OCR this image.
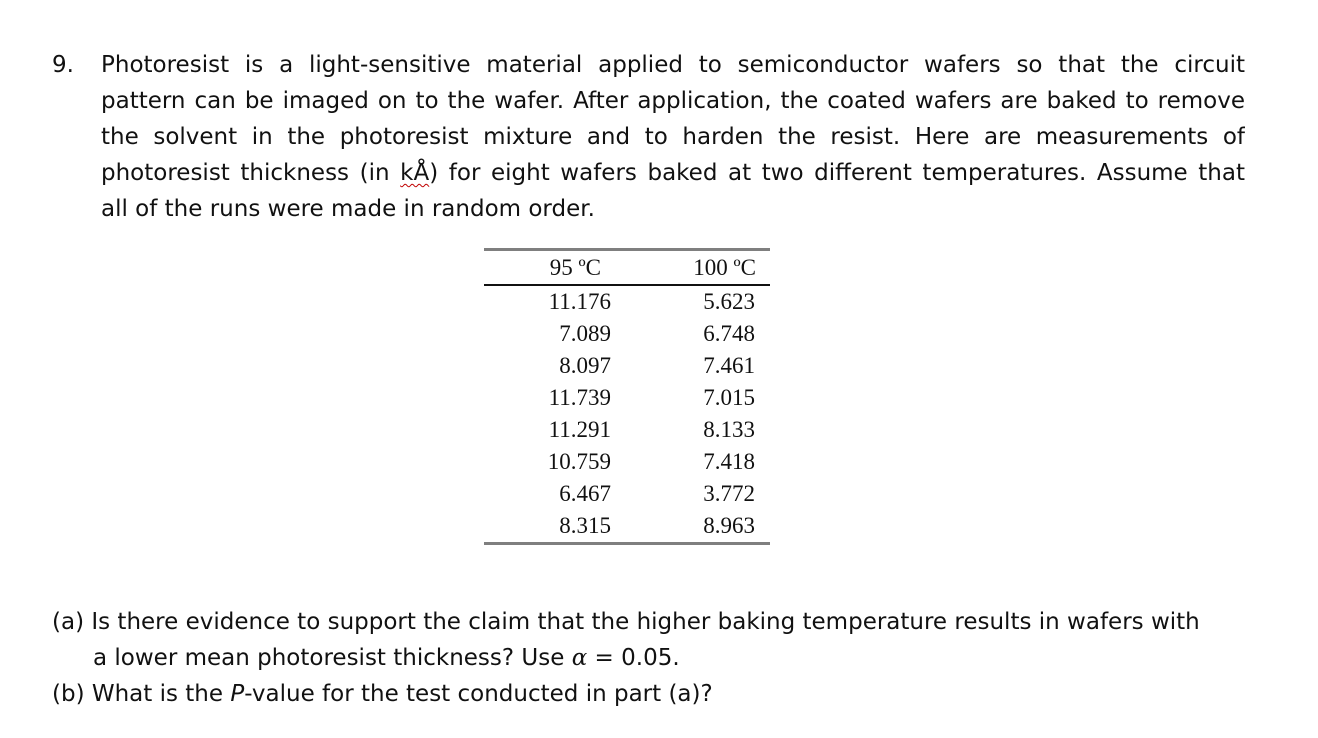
9. Photoresist is a light-sensitive material applied to semiconductor wafers so that the circuit
pattern can be imaged on to the wafer. After application, the coated wafers are baked to remove
the solvent in the photoresist mixture and to harden the resist. Here are measurements of
photoresist thickness (in kÅ) for eight wafers baked at two different temperatures. Assume that
all of the runs were made in random order.
95 ºC	100 ºC
11.176	5.623
7.089	6.748
8.097	7.461
11.739	7.015
11.291	8.133
10.759	7.418
6.467	3.772
8.315	8.963
(a) Is there evidence to support the claim that the higher baking temperature results in wafers with
a lower mean photoresist thickness? Use α = 0.05.
(b) What is the P-value for the test conducted in part (a)?
